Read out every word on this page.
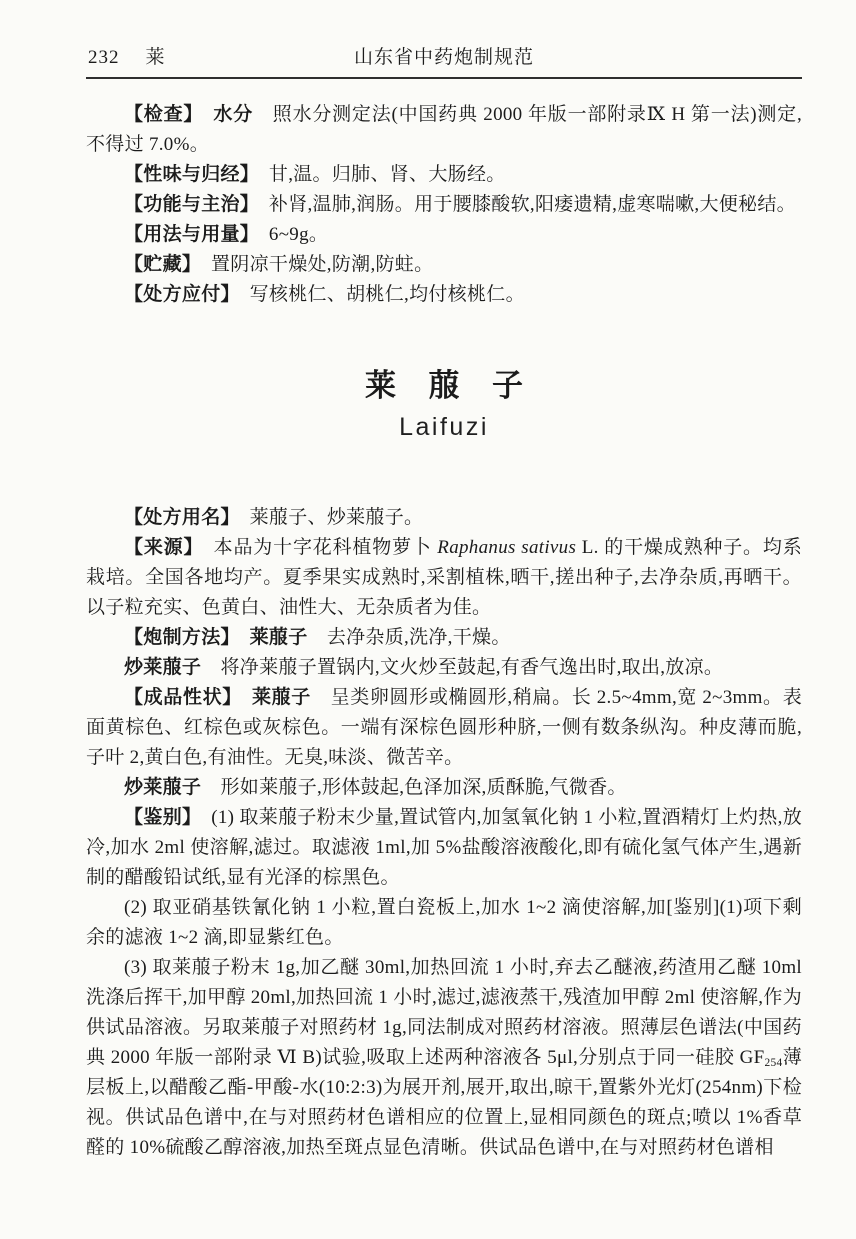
232 莱	山东省中药炮制规范

【检查】　水分　照水分测定法(中国药典 2000 年版一部附录Ⅸ H 第一法)测定,不得过 7.0%。

【性味与归经】　甘,温。归肺、肾、大肠经。

【功能与主治】　补肾,温肺,润肠。用于腰膝酸软,阳痿遗精,虚寒喘嗽,大便秘结。

【用法与用量】　6~9g。

【贮藏】　置阴凉干燥处,防潮,防蛀。

【处方应付】　写核桃仁、胡桃仁,均付核桃仁。

莱菔子
Laifuzi

【处方用名】　莱菔子、炒莱菔子。

【来源】　本品为十字花科植物萝卜 Raphanus sativus L. 的干燥成熟种子。均系栽培。全国各地均产。夏季果实成熟时,采割植株,晒干,搓出种子,去净杂质,再晒干。以子粒充实、色黄白、油性大、无杂质者为佳。

【炮制方法】　莱菔子　去净杂质,洗净,干燥。

炒莱菔子　将净莱菔子置锅内,文火炒至鼓起,有香气逸出时,取出,放凉。

【成品性状】　莱菔子　呈类卵圆形或椭圆形,稍扁。长 2.5~4mm,宽 2~3mm。表面黄棕色、红棕色或灰棕色。一端有深棕色圆形种脐,一侧有数条纵沟。种皮薄而脆,子叶 2,黄白色,有油性。无臭,味淡、微苦辛。

炒莱菔子　形如莱菔子,形体鼓起,色泽加深,质酥脆,气微香。

【鉴别】　(1) 取莱菔子粉末少量,置试管内,加氢氧化钠 1 小粒,置酒精灯上灼热,放冷,加水 2ml 使溶解,滤过。取滤液 1ml,加 5%盐酸溶液酸化,即有硫化氢气体产生,遇新制的醋酸铅试纸,显有光泽的棕黑色。

(2) 取亚硝基铁氰化钠 1 小粒,置白瓷板上,加水 1~2 滴使溶解,加[鉴别](1)项下剩余的滤液 1~2 滴,即显紫红色。

(3) 取莱菔子粉末 1g,加乙醚 30ml,加热回流 1 小时,弃去乙醚液,药渣用乙醚 10ml 洗涤后挥干,加甲醇 20ml,加热回流 1 小时,滤过,滤液蒸干,残渣加甲醇 2ml 使溶解,作为供试品溶液。另取莱菔子对照药材 1g,同法制成对照药材溶液。照薄层色谱法(中国药典 2000 年版一部附录 Ⅵ B)试验,吸取上述两种溶液各 5μl,分别点于同一硅胶 $GF_{254}$薄层板上,以醋酸乙酯-甲酸-水(10:2:3)为展开剂,展开,取出,晾干,置紫外光灯(254nm)下检视。供试品色谱中,在与对照药材色谱相应的位置上,显相同颜色的斑点;喷以 1%香草醛的 10%硫酸乙醇溶液,加热至斑点显色清晰。供试品色谱中,在与对照药材色谱相
